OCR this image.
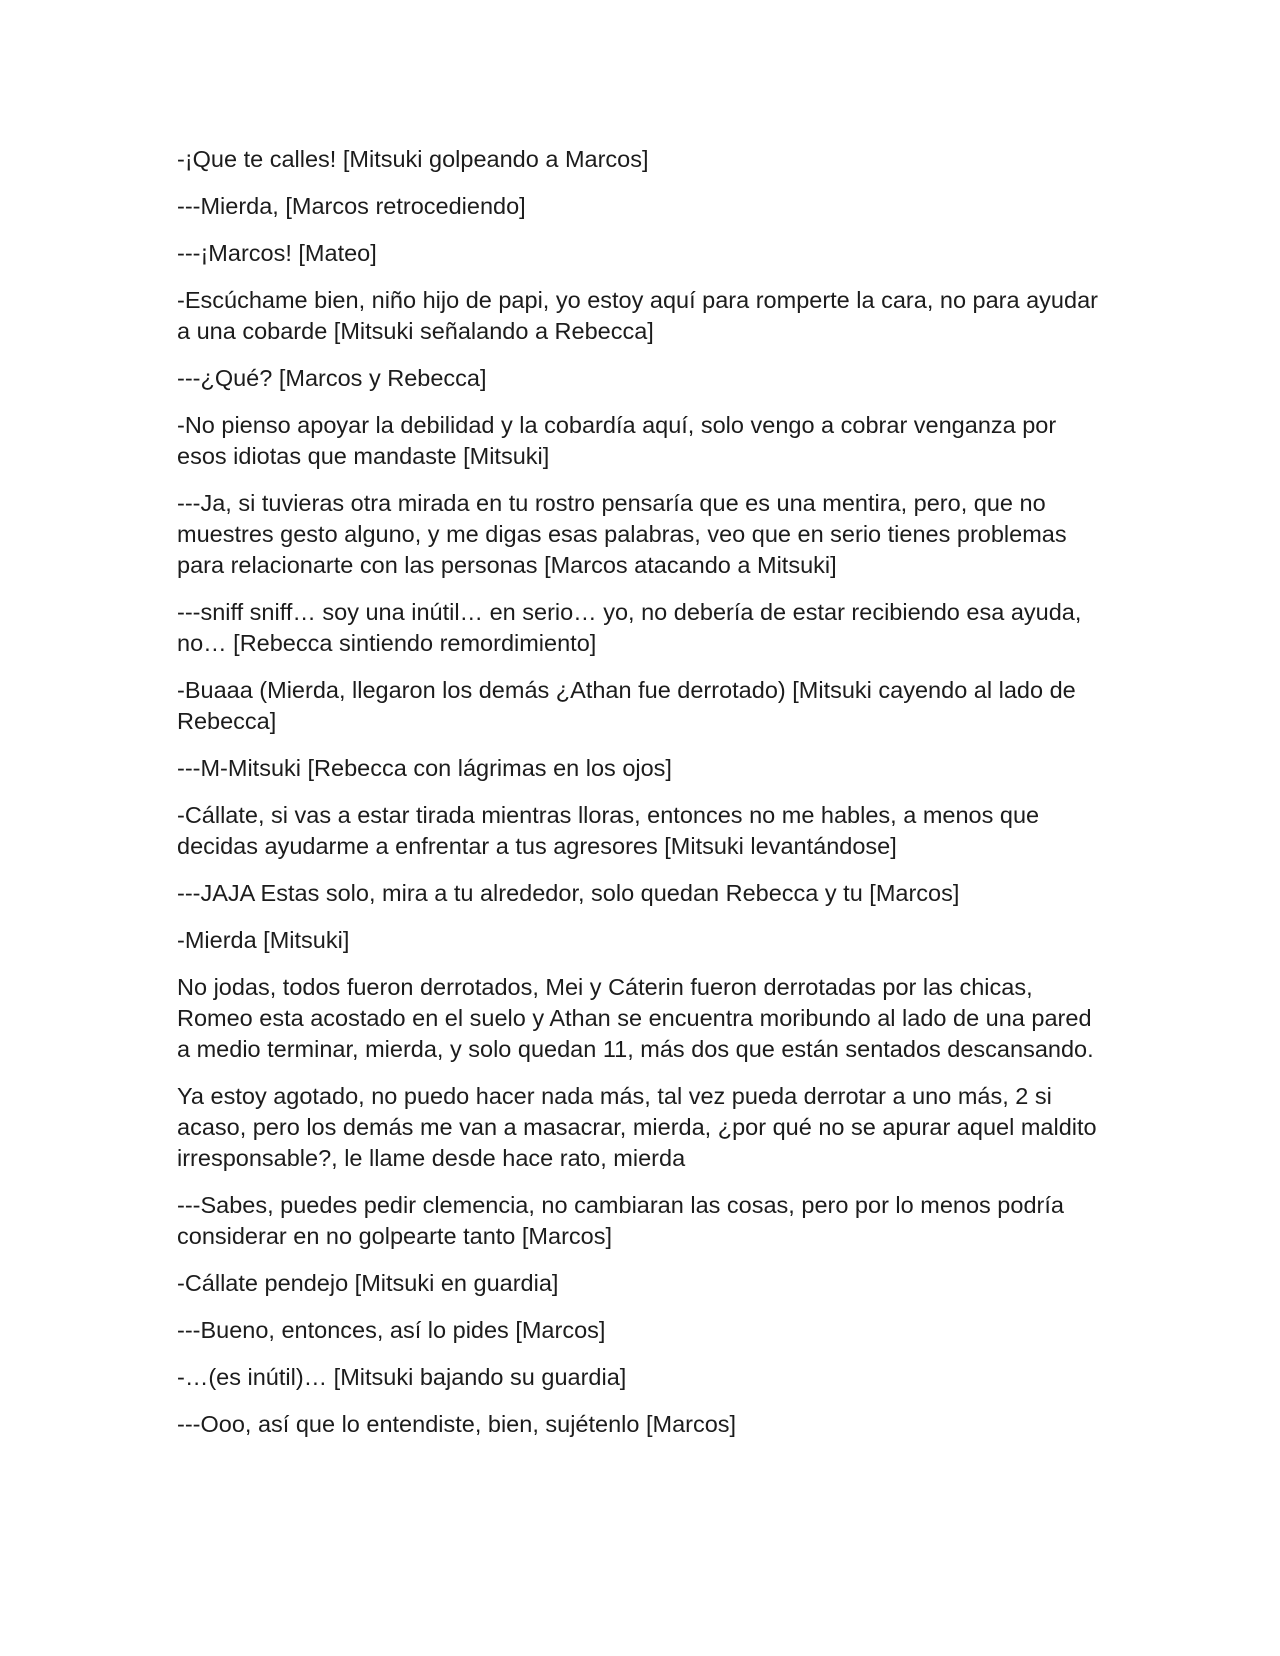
-¡Que te calles! [Mitsuki golpeando a Marcos]

---Mierda, [Marcos retrocediendo]

---¡Marcos! [Mateo]

-Escúchame bien, niño hijo de papi, yo estoy aquí para romperte la cara, no para ayudar a una cobarde [Mitsuki señalando a Rebecca]

---¿Qué? [Marcos y Rebecca]

-No pienso apoyar la debilidad y la cobardía aquí, solo vengo a cobrar venganza por esos idiotas que mandaste [Mitsuki]

---Ja, si tuvieras otra mirada en tu rostro pensaría que es una mentira, pero, que no muestres gesto alguno, y me digas esas palabras, veo que en serio tienes problemas para relacionarte con las personas [Marcos atacando a Mitsuki]

---sniff sniff… soy una inútil… en serio… yo, no debería de estar recibiendo esa ayuda, no… [Rebecca sintiendo remordimiento]

-Buaaa (Mierda, llegaron los demás ¿Athan fue derrotado) [Mitsuki cayendo al lado de Rebecca]

---M-Mitsuki [Rebecca con lágrimas en los ojos]

-Cállate, si vas a estar tirada mientras lloras, entonces no me hables, a menos que decidas ayudarme a enfrentar a tus agresores [Mitsuki levantándose]

---JAJA Estas solo, mira a tu alrededor, solo quedan Rebecca y tu [Marcos]

-Mierda [Mitsuki]

No jodas, todos fueron derrotados, Mei y Cáterin fueron derrotadas por las chicas, Romeo esta acostado en el suelo y Athan se encuentra moribundo al lado de una pared a medio terminar, mierda, y solo quedan 11, más dos que están sentados descansando.

Ya estoy agotado, no puedo hacer nada más, tal vez pueda derrotar a uno más, 2 si acaso, pero los demás me van a masacrar, mierda, ¿por qué no se apurar aquel maldito irresponsable?, le llame desde hace rato, mierda

---Sabes, puedes pedir clemencia, no cambiaran las cosas, pero por lo menos podría considerar en no golpearte tanto [Marcos]

-Cállate pendejo [Mitsuki en guardia]

---Bueno, entonces, así lo pides [Marcos]

-…(es inútil)… [Mitsuki bajando su guardia]

---Ooo, así que lo entendiste, bien, sujétenlo [Marcos]
